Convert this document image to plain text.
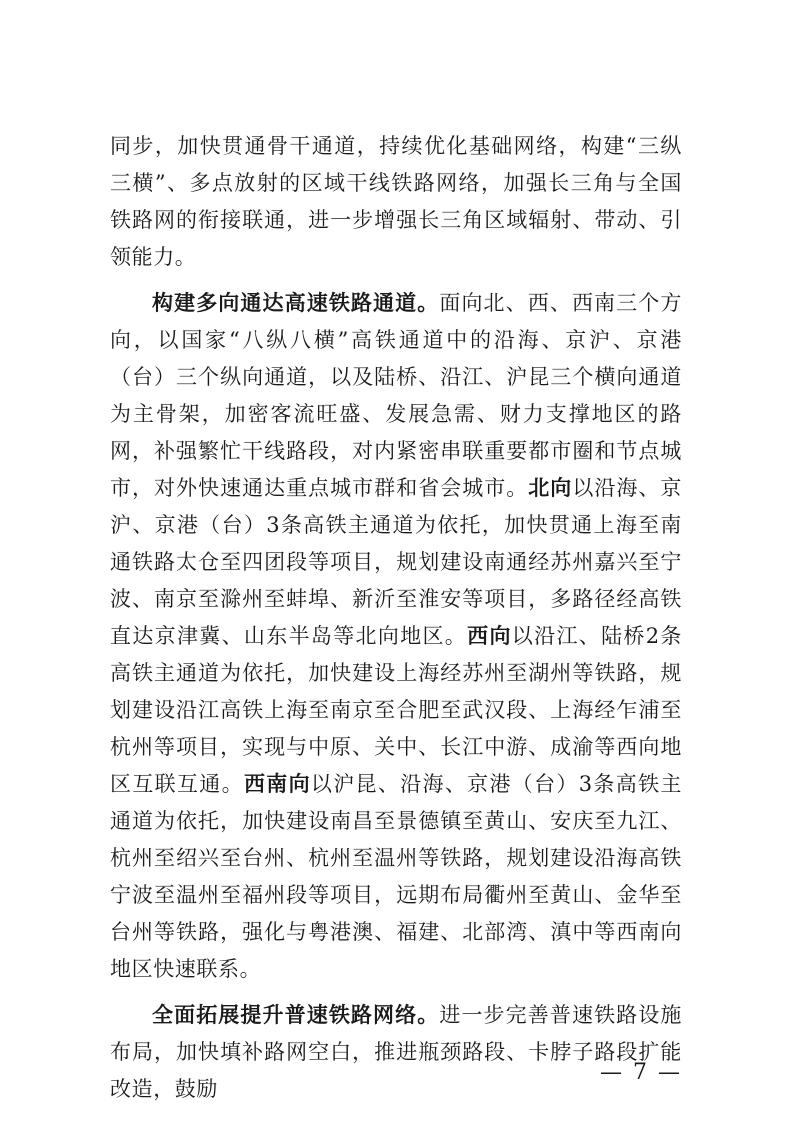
同步，加快贯通骨干通道，持续优化基础网络，构建“三纵三横”、多点放射的区域干线铁路网络，加强长三角与全国铁路网的衔接联通，进一步增强长三角区域辐射、带动、引领能力。

构建多向通达高速铁路通道。面向北、西、西南三个方向，以国家“八纵八横”高铁通道中的沿海、京沪、京港（台）三个纵向通道，以及陆桥、沿江、沪昆三个横向通道为主骨架，加密客流旺盛、发展急需、财力支撑地区的路网，补强繁忙干线路段，对内紧密串联重要都市圈和节点城市，对外快速通达重点城市群和省会城市。北向以沿海、京沪、京港（台）3条高铁主通道为依托，加快贯通上海至南通铁路太仓至四团段等项目，规划建设南通经苏州嘉兴至宁波、南京至滁州至蚌埠、新沂至淮安等项目，多路径经高铁直达京津冀、山东半岛等北向地区。西向以沿江、陆桥2条高铁主通道为依托，加快建设上海经苏州至湖州等铁路，规划建设沿江高铁上海至南京至合肥至武汉段、上海经乍浦至杭州等项目，实现与中原、关中、长江中游、成渝等西向地区互联互通。西南向以沪昆、沿海、京港（台）3条高铁主通道为依托，加快建设南昌至景德镇至黄山、安庆至九江、杭州至绍兴至台州、杭州至温州等铁路，规划建设沿海高铁宁波至温州至福州段等项目，远期布局衢州至黄山、金华至台州等铁路，强化与粤港澳、福建、北部湾、滇中等西南向地区快速联系。

全面拓展提升普速铁路网络。进一步完善普速铁路设施布局，加快填补路网空白，推进瓶颈路段、卡脖子路段扩能改造，鼓励

— 7 —
